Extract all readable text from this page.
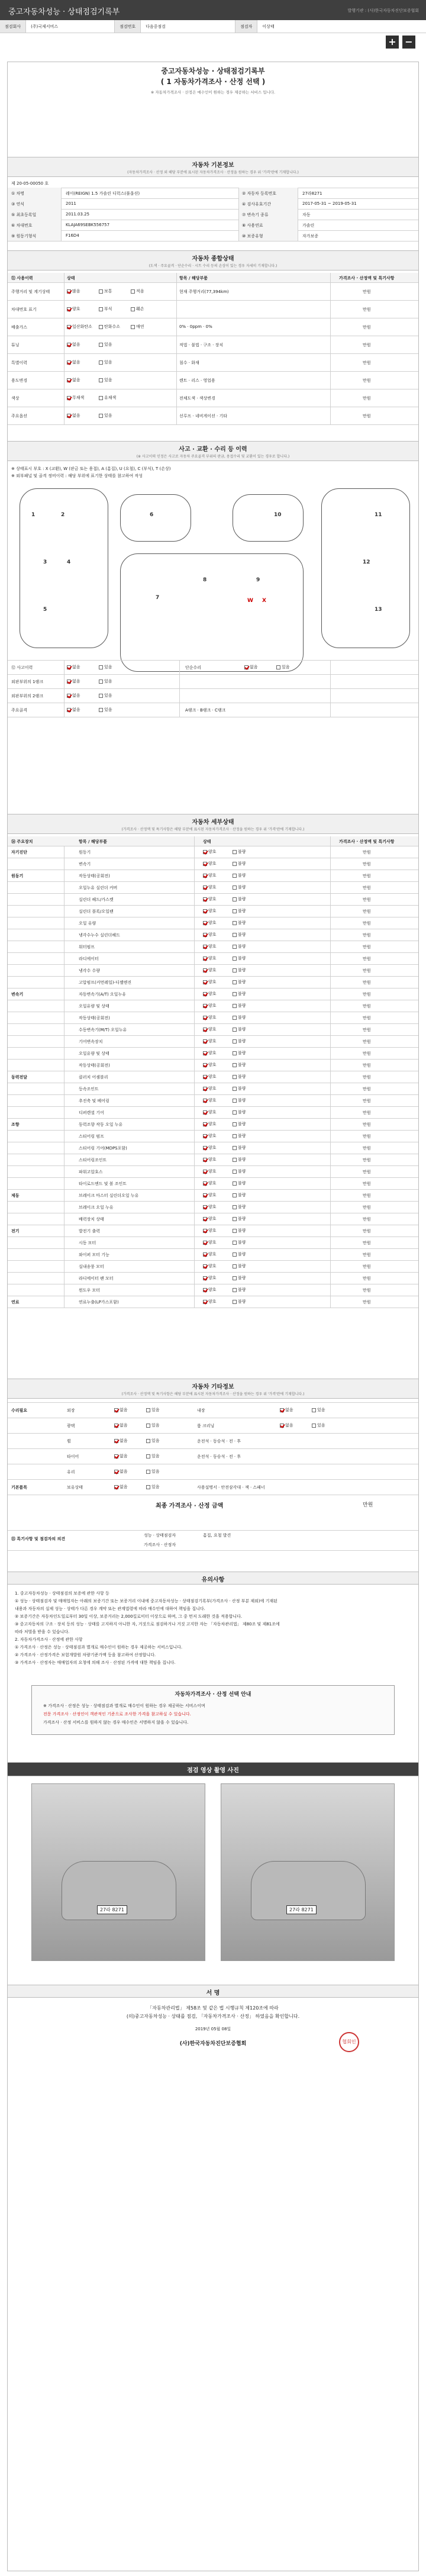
중고자동차성능 · 상태점검기록부	발행기관 : (사)한국자동차진단보증협회
점검회사	(주)국제서비스	점검번호	다음중점검	점검자	이상태
+ −
중고자동차성능 · 상태점검기록부
( 1 자동차가격조사 · 산정 선택 )
※ 자동차가격조사 · 산정은 매수인이 원하는 경우 제공하는 서비스 입니다.
제 20-05-00050 호
자동차 기본정보
(자동차가격조사 · 산정 외 해당 부분에 표시된 자동차가격조사 · 산정을 원하는 경우 위 '가격'란에 기재합니다.)
① 차명	레이(REIGN) 1.5 가솔린 디럭스(풀옵션)	② 자동차 등록번호	27라8271
③ 연식	2011	④ 검사유효기간	2017-05-31 ~ 2019-05-31
⑤ 최초등록일	2011.03.25	⑦ 변속기 종류	자동
⑥ 차대번호	KLAJA69SEBK556757	⑧ 사용연료	가솔린
⑨ 원동기형식	F16D4	⑩ 보증유형	자가보증
자동차 종합상태
(도색 · 주요골격 · 단순수리 · 시트 수리 등의 손상이 있는 경우 자세히 기재합니다.)
⑪ 사용이력	상태	항목 / 해당부품	가격조사 · 산정액 및 특기사항
주행거리 및 계기상태	많음	보통	적음	현재 주행거리(77,394km)	만원
차대번호 표기	양호	부식	훼손	만원
배출가스	일산화탄소	탄화수소	매연	0% · 0ppm · 0%	만원
튜닝	없음	있음	적법 · 불법 · 구조 · 장치	만원
특별이력	없음	있음	침수 · 화재	만원
용도변경	없음	있음	렌트 · 리스 · 영업용	만원
색상	무채색	유채색	전체도색 · 색상변경	만원
주요옵션	없음	있음	선루프 · 네비게이션 · 기타	만원
사고 · 교환 · 수리 등 이력
(※ 사고이력 인정은 사고로 자동차 주요골격 부위의 판금, 용접수리 및 교환이 있는 경우로 합니다.)
※ 상태표시 부호 : X (교환), W (판금 또는 용접), A (흠집), U (요철), C (부식), T (손상)
※ 외부패널 및 골격 정비이력 : 해당 부위에 표기한 상태를 참고하여 작성
1	2
3	4
5
6
7
8	9
10	11
12
13
X
W
⑫ 사고이력	없음	있음	단순수리	없음	있음
외판부위의 1랭크	없음	있음
외판부위의 2랭크	없음	있음
주요골격	없음	있음	A랭크 · B랭크 · C랭크
자동차 세부상태
(가격조사 · 산정액 및 특기사항은 해당 부분에 표시된 자동차가격조사 · 산정을 원하는 경우 위 '가격'란에 기재합니다.)
⑭ 주요장치	항목 / 해당부품	상태	가격조사 · 산정액 및 특기사항
자기진단	원동기	양호	불량	만원
변속기	양호	불량	만원
원동기	작동상태(공회전)	양호	불량	만원
오일누유 실린더 커버	양호	불량	만원
실린더 헤드/가스켓	양호	불량	만원
실린더 블록/오일팬	양호	불량	만원
오일 유량	양호	불량	만원
냉각수누수 실린더헤드	양호	불량	만원
워터펌프	양호	불량	만원
라디에이터	양호	불량	만원
냉각수 수량	양호	불량	만원
고압펌프(커먼레일)-디젤엔진	양호	불량	만원
변속기	자동변속기(A/T) 오일누유	양호	불량	만원
오일유량 및 상태	양호	불량	만원
작동상태(공회전)	양호	불량	만원
수동변속기(M/T) 오일누유	양호	불량	만원
기어변속장치	양호	불량	만원
오일유량 및 상태	양호	불량	만원
작동상태(공회전)	양호	불량	만원
동력전달	클러치 어셈블리	양호	불량	만원
등속조인트	양호	불량	만원
추진축 및 베어링	양호	불량	만원
디퍼렌셜 기어	양호	불량	만원
조향	동력조향 작동 오일 누유	양호	불량	만원
스티어링 펌프	양호	불량	만원
스티어링 기어(MDPS포함)	양호	불량	만원
스티어링조인트	양호	불량	만원
파워고압호스	양호	불량	만원
타이로드엔드 및 볼 조인트	양호	불량	만원
제동	브레이크 마스터 실린더오일 누유	양호	불량	만원
브레이크 오일 누유	양호	불량	만원
배력장치 상태	양호	불량	만원
전기	발전기 출력	양호	불량	만원
시동 모터	양호	불량	만원
와이퍼 모터 기능	양호	불량	만원
실내송풍 모터	양호	불량	만원
라디에이터 팬 모터	양호	불량	만원
윈도우 모터	양호	불량	만원
연료	연료누출(LP가스포함)	양호	불량	만원
자동차 기타정보
(가격조사 · 산정액 및 특기사항은 해당 부분에 표시된 자동차가격조사 · 산정을 원하는 경우 위 '가격'란에 기재합니다.)
수리필요	외장	없음	있음	내장	없음	있음
광택	없음	있음	룸 크리닝	없음	있음
휠	없음	있음	운전석 · 동승석 · 전 · 후
타이어	없음	있음	운전석 · 동승석 · 전 · 후
유리	없음	있음
기본품목	보유상태	없음	있음	사용설명서 · 안전삼각대 · 잭 · 스패너
최종 가격조사 · 산정 금액	만원
⑮ 특기사항 및 점검자의 의견
성능 · 상태점검자	흠집, 요철 발견
가격조사 · 산정자
유의사항
1. 중고자동차성능 · 상태점검의 보증에 관한 사항 등
① 성능 · 상태점검자 및 매매업자는 아래의 보증기간 또는 보증거리 이내에 중고자동차성능 · 상태점검기록부(가격조사 · 산정 부분 제외)에 기재된
내용과 자동차의 실제 성능 · 상태가 다른 경우 계약 또는 관계법령에 따라 매수인에 대하여 책임을 집니다.
② 보증기간은 자동차인도일로부터 30일 이상, 보증거리는 2,000킬로미터 이상으로 하며, 그 중 먼저 도래한 것을 적용합니다.
③ 중고자동차의 구조 · 장치 등의 성능 · 상태를 고지하지 아니한 자, 거짓으로 점검하거나 거짓 고지한 자는 「자동차관리법」 제80조 및 제81조에
따라 처벌을 받을 수 있습니다.
2. 자동차가격조사 · 산정에 관한 사항
① 가격조사 · 산정은 성능 · 상태점검과 별개로 매수인이 원하는 경우 제공하는 서비스입니다.
② 가격조사 · 산정가격은 보험개발원 차량기준가액 등을 참고하여 산정합니다.
③ 가격조사 · 산정자는 매매업자의 요청에 의해 조사 · 산정된 가격에 대한 책임을 집니다.
자동차가격조사 · 산정 선택 안내
※ 가격조사 · 산정은 성능 · 상태점검과 별개로 매수인이 원하는 경우 제공하는 서비스이며
전문 가격조사 · 산정인이 객관적인 기준으로 조사한 가격을 참고하실 수 있습니다.
가격조사 · 산정 서비스를 원하지 않는 경우 매수인은 서명하지 않을 수 있습니다.
점검 영상 촬영 사진
27라 8271	27라 8271
서 명
「자동차관리법」 제58조 및 같은 법 시행규칙 제120조에 따라
(의)중고자동차성능 · 상태를 점검, 「자동차가격조사 · 산정」 하였음을 확인합니다.
2019년 05월 08일
(사)한국자동차진단보증협회	협회인
